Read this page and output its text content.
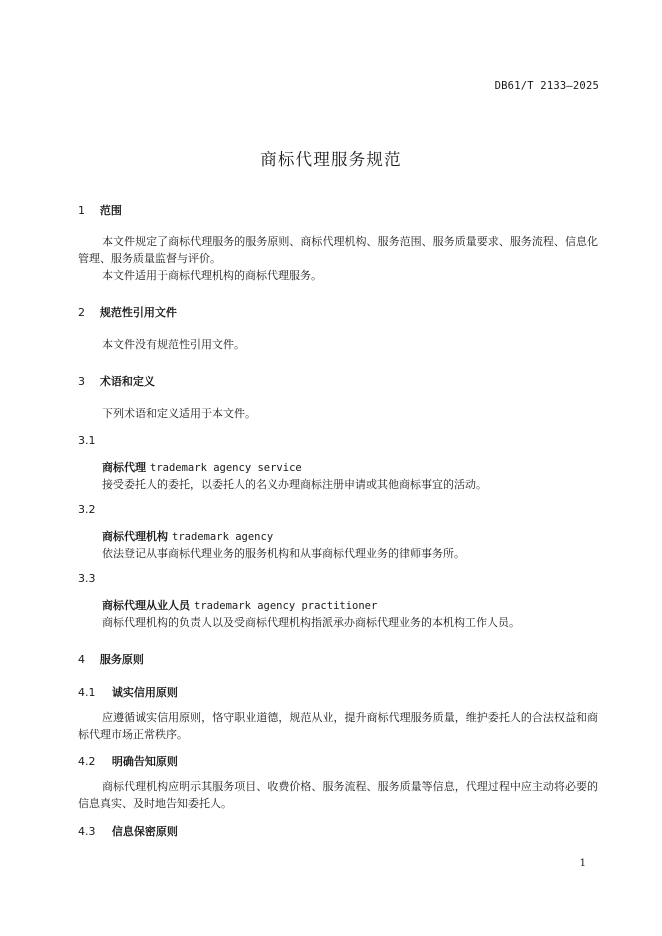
DB61/T 2133—2025
商标代理服务规范
1 范围
本文件规定了商标代理服务的服务原则、商标代理机构、服务范围、服务质量要求、服务流程、信息化管理、服务质量监督与评价。
本文件适用于商标代理机构的商标代理服务。
2 规范性引用文件
本文件没有规范性引用文件。
3 术语和定义
下列术语和定义适用于本文件。
3.1
商标代理 trademark agency service
接受委托人的委托，以委托人的名义办理商标注册申请或其他商标事宜的活动。
3.2
商标代理机构 trademark agency
依法登记从事商标代理业务的服务机构和从事商标代理业务的律师事务所。
3.3
商标代理从业人员 trademark agency practitioner
商标代理机构的负责人以及受商标代理机构指派承办商标代理业务的本机构工作人员。
4 服务原则
4.1 诚实信用原则
应遵循诚实信用原则，恪守职业道德，规范从业，提升商标代理服务质量，维护委托人的合法权益和商标代理市场正常秩序。
4.2 明确告知原则
商标代理机构应明示其服务项目、收费价格、服务流程、服务质量等信息，代理过程中应主动将必要的信息真实、及时地告知委托人。
4.3 信息保密原则
1
